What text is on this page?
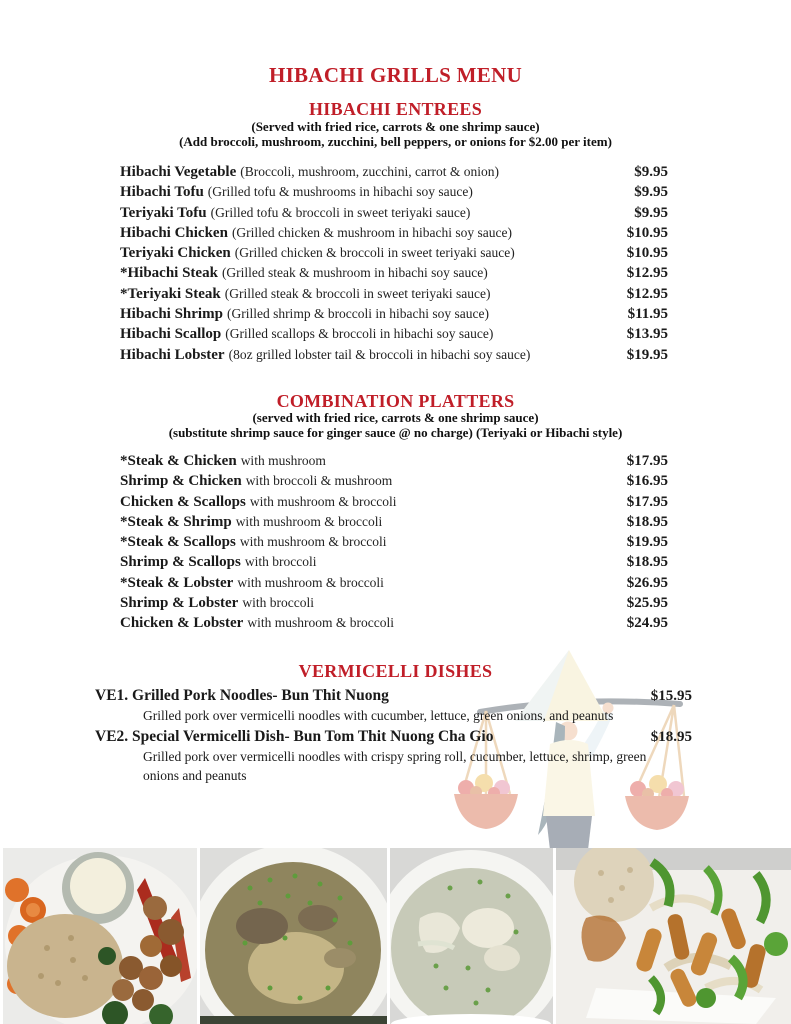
HIBACHI GRILLS MENU
HIBACHI ENTREES
(Served with fried rice, carrots & one shrimp sauce)
(Add broccoli, mushroom, zucchini, bell peppers, or onions for $2.00 per item)
Hibachi Vegetable (Broccoli, mushroom, zucchini, carrot & onion)	$9.95
Hibachi Tofu (Grilled tofu & mushrooms in hibachi soy sauce)	$9.95
Teriyaki Tofu (Grilled tofu & broccoli in sweet teriyaki sauce)	$9.95
Hibachi Chicken (Grilled chicken & mushroom in hibachi soy sauce)	$10.95
Teriyaki Chicken (Grilled chicken & broccoli in sweet teriyaki sauce)	$10.95
*Hibachi Steak (Grilled steak & mushroom in hibachi soy sauce)	$12.95
*Teriyaki Steak (Grilled steak & broccoli in sweet teriyaki sauce)	$12.95
Hibachi Shrimp (Grilled shrimp & broccoli in hibachi soy sauce)	$11.95
Hibachi Scallop (Grilled scallops & broccoli in hibachi soy sauce)	$13.95
Hibachi Lobster (8oz grilled lobster tail & broccoli in hibachi soy sauce)	$19.95
COMBINATION PLATTERS
(served with fried rice, carrots & one shrimp sauce)
(substitute shrimp sauce for ginger sauce @ no charge) (Teriyaki or Hibachi style)
*Steak & Chicken with mushroom	$17.95
Shrimp & Chicken with broccoli & mushroom	$16.95
Chicken & Scallops with mushroom & broccoli	$17.95
*Steak & Shrimp with mushroom & broccoli	$18.95
*Steak & Scallops with mushroom & broccoli	$19.95
Shrimp & Scallops with broccoli	$18.95
*Steak & Lobster with mushroom & broccoli	$26.95
Shrimp & Lobster with broccoli	$25.95
Chicken & Lobster with mushroom & broccoli	$24.95
VERMICELLI DISHES
VE1. Grilled Pork Noodles- Bun Thit Nuong	$15.95
Grilled pork over vermicelli noodles with cucumber, lettuce, green onions, and peanuts
VE2. Special Vermicelli Dish- Bun Tom Thit Nuong Cha Gio	$18.95
Grilled pork over vermicelli noodles with crispy spring roll, cucumber, lettuce, shrimp, green onions and peanuts
